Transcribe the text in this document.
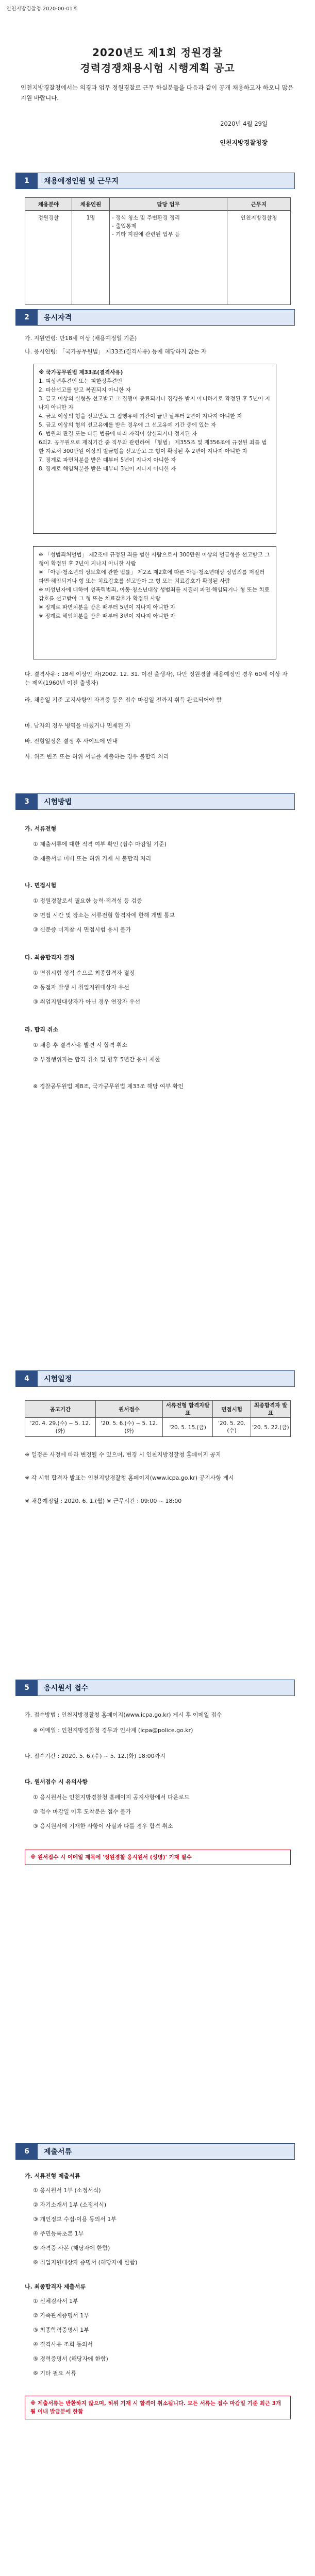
인천지방경찰청 2020-00-01호
2020년도 제1회 정원경찰
경력경쟁채용시험 시행계획 공고
인천지방경찰청에서는 의경과 업무 정원경찰로 근무 하실분들을 다음과 같이 공개 채용하고자 하오니 많은 지원 바랍니다.
2020년 4월 29일
인천지방경찰청장
1	채용예정인원 및 근무지
채용분야	채용인원	담당 업무	근무지
정원경찰	1명	- 정식 청소 및 주변환경 정리
- 출입통제
- 기타 지원에 관련된 업무 등	인천지방경찰청
2	응시자격
가. 지원연령: 만18세 이상 (채용예정일 기준)
나. 응시연령: 「국가공무원법」 제33조(결격사유) 등에 해당하지 않는 자
※ 국가공무원법 제33조(결격사유)
1. 피성년후견인 또는 피한정후견인
2. 파산선고를 받고 복권되지 아니한 자
3. 금고 이상의 실형을 선고받고 그 집행이 종료되거나 집행을 받지 아니하기로 확정된 후 5년이 지나지 아니한 자
4. 금고 이상의 형을 선고받고 그 집행유예 기간이 끝난 날부터 2년이 지나지 아니한 자
5. 금고 이상의 형의 선고유예를 받은 경우에 그 선고유예 기간 중에 있는 자
6. 법원의 판결 또는 다른 법률에 따라 자격이 상실되거나 정지된 자
6의2. 공무원으로 재직기간 중 직무와 관련하여 「형법」 제355조 및 제356조에 규정된 죄를 범한 자로서 300만원 이상의 벌금형을 선고받고 그 형이 확정된 후 2년이 지나지 아니한 자
7. 징계로 파면처분을 받은 때부터 5년이 지나지 아니한 자
8. 징계로 해임처분을 받은 때부터 3년이 지나지 아니한 자
※ 「성범죄처벌법」 제2조에 규정된 죄를 범한 사람으로서 300만원 이상의 벌금형을 선고받고 그 형이 확정된 후 2년이 지나지 아니한 사람
※ 「아동·청소년의 성보호에 관한 법률」 제2조 제2호에 따른 아동·청소년대상 성범죄를 저질러 파면·해임되거나 형 또는 치료감호를 선고받아 그 형 또는 치료감호가 확정된 사람
※ 미성년자에 대하여 성폭력범죄, 아동·청소년대상 성범죄를 저질러 파면·해임되거나 형 또는 치료감호를 선고받아 그 형 또는 치료감호가 확정된 사람
※ 징계로 파면처분을 받은 때부터 5년이 지나지 아니한 자
※ 징계로 해임처분을 받은 때부터 3년이 지나지 아니한 자
다. 결격사유 : 18세 이상인 자(2002. 12. 31. 이전 출생자), 다만 정원경찰 채용예정인 경우 60세 이상 자는 제외(1960년 이전 출생자)
라. 채용일 기준 고지사항인 자격증 등은 접수 마감일 전까지 취득 완료되어야 함
마. 남자의 경우 병역을 마쳤거나 면제된 자
바. 전형일정은 결정 후 사이트에 안내
사. 위조 변조 또는 허위 서류를 제출하는 경우 불합격 처리
3	시험방법
가. 서류전형
① 제출서류에 대한 적격 여부 확인 (접수 마감일 기준)
② 제출서류 미비 또는 허위 기재 시 불합격 처리
나. 면접시험
① 정원경찰로서 필요한 능력·적격성 등 검증
② 면접 시간 및 장소는 서류전형 합격자에 한해 개별 통보
③ 신분증 미지참 시 면접시험 응시 불가
다. 최종합격자 결정
① 면접시험 성적 순으로 최종합격자 결정
② 동점자 발생 시 취업지원대상자 우선
③ 취업지원대상자가 아닌 경우 연장자 우선
라. 합격 취소
① 채용 후 결격사유 발견 시 합격 취소
② 부정행위자는 합격 취소 및 향후 5년간 응시 제한
※ 경찰공무원법 제8조, 국가공무원법 제33조 해당 여부 확인
4	시험일정
공고기간	원서접수	서류전형 합격자발표	면접시험	최종합격자 발표
'20. 4. 29.(수) ~ 5. 12.(화)	'20. 5. 6.(수) ~ 5. 12.(화)	'20. 5. 15.(금)	'20. 5. 20.(수)	'20. 5. 22.(금)
※ 일정은 사정에 따라 변경될 수 있으며, 변경 시 인천지방경찰청 홈페이지 공지
※ 각 시험 합격자 발표는 인천지방경찰청 홈페이지(www.icpa.go.kr) 공지사항 게시
※ 채용예정일 : 2020. 6. 1.(월) ※ 근무시간 : 09:00 ~ 18:00
5	응시원서 접수
가. 접수방법 : 인천지방경찰청 홈페이지(www.icpa.go.kr) 게시 후 이메일 접수
※ 이메일 : 인천지방경찰청 경무과 인사계 (icpa@police.go.kr)
나. 접수기간 : 2020. 5. 6.(수) ~ 5. 12.(화) 18:00까지
다. 원서접수 시 유의사항
① 응시원서는 인천지방경찰청 홈페이지 공지사항에서 다운로드
② 접수 마감일 이후 도착분은 접수 불가
③ 응시원서에 기재한 사항이 사실과 다를 경우 합격 취소
※ 원서접수 시 이메일 제목에 '정원경찰 응시원서 (성명)' 기재 필수
6	제출서류
가. 서류전형 제출서류
① 응시원서 1부 (소정서식)
② 자기소개서 1부 (소정서식)
③ 개인정보 수집·이용 동의서 1부
④ 주민등록초본 1부
⑤ 자격증 사본 (해당자에 한함)
⑥ 취업지원대상자 증명서 (해당자에 한함)
나. 최종합격자 제출서류
① 신체검사서 1부
② 가족관계증명서 1부
③ 최종학력증명서 1부
④ 결격사유 조회 동의서
⑤ 경력증명서 (해당자에 한함)
⑥ 기타 필요 서류
※ 제출서류는 반환하지 않으며, 허위 기재 시 합격이 취소됩니다. 모든 서류는 접수 마감일 기준 최근 3개월 이내 발급분에 한함
